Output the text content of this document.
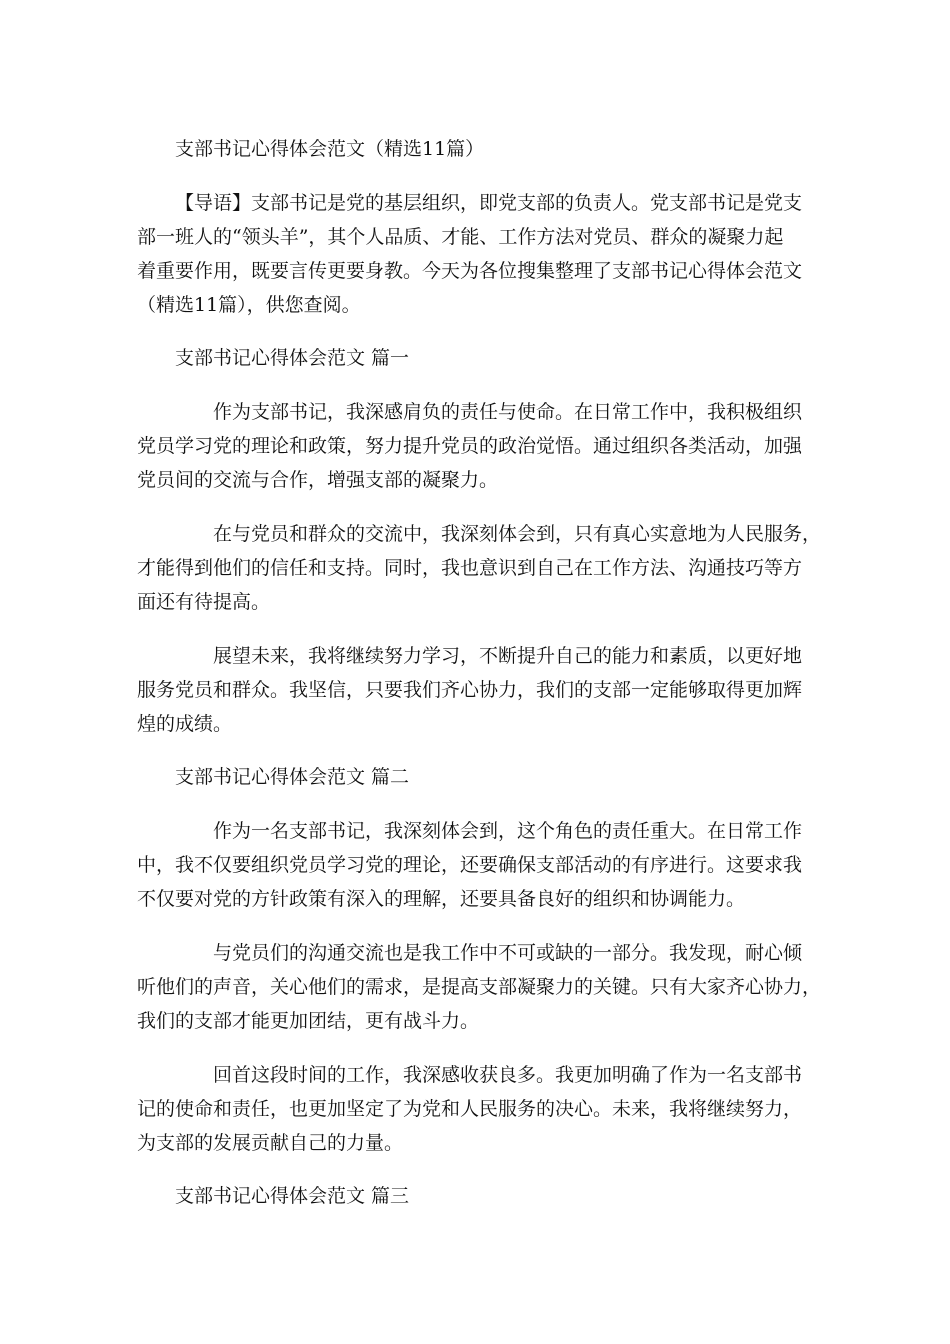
支部书记心得体会范文（精选11篇）
【导语】支部书记是党的基层组织，即党支部的负责人。党支部书记是党支
部一班人的“领头羊”，其个人品质、才能、工作方法对党员、群众的凝聚力起
着重要作用，既要言传更要身教。今天为各位搜集整理了支部书记心得体会范文
（精选11篇），供您查阅。
支部书记心得体会范文 篇一
作为支部书记，我深感肩负的责任与使命。在日常工作中，我积极组织
党员学习党的理论和政策，努力提升党员的政治觉悟。通过组织各类活动，加强
党员间的交流与合作，增强支部的凝聚力。
在与党员和群众的交流中，我深刻体会到，只有真心实意地为人民服务，
才能得到他们的信任和支持。同时，我也意识到自己在工作方法、沟通技巧等方
面还有待提高。
展望未来，我将继续努力学习，不断提升自己的能力和素质，以更好地
服务党员和群众。我坚信，只要我们齐心协力，我们的支部一定能够取得更加辉
煌的成绩。
支部书记心得体会范文 篇二
作为一名支部书记，我深刻体会到，这个角色的责任重大。在日常工作
中，我不仅要组织党员学习党的理论，还要确保支部活动的有序进行。这要求我
不仅要对党的方针政策有深入的理解，还要具备良好的组织和协调能力。
与党员们的沟通交流也是我工作中不可或缺的一部分。我发现，耐心倾
听他们的声音，关心他们的需求，是提高支部凝聚力的关键。只有大家齐心协力，
我们的支部才能更加团结，更有战斗力。
回首这段时间的工作，我深感收获良多。我更加明确了作为一名支部书
记的使命和责任，也更加坚定了为党和人民服务的决心。未来，我将继续努力，
为支部的发展贡献自己的力量。
支部书记心得体会范文 篇三
